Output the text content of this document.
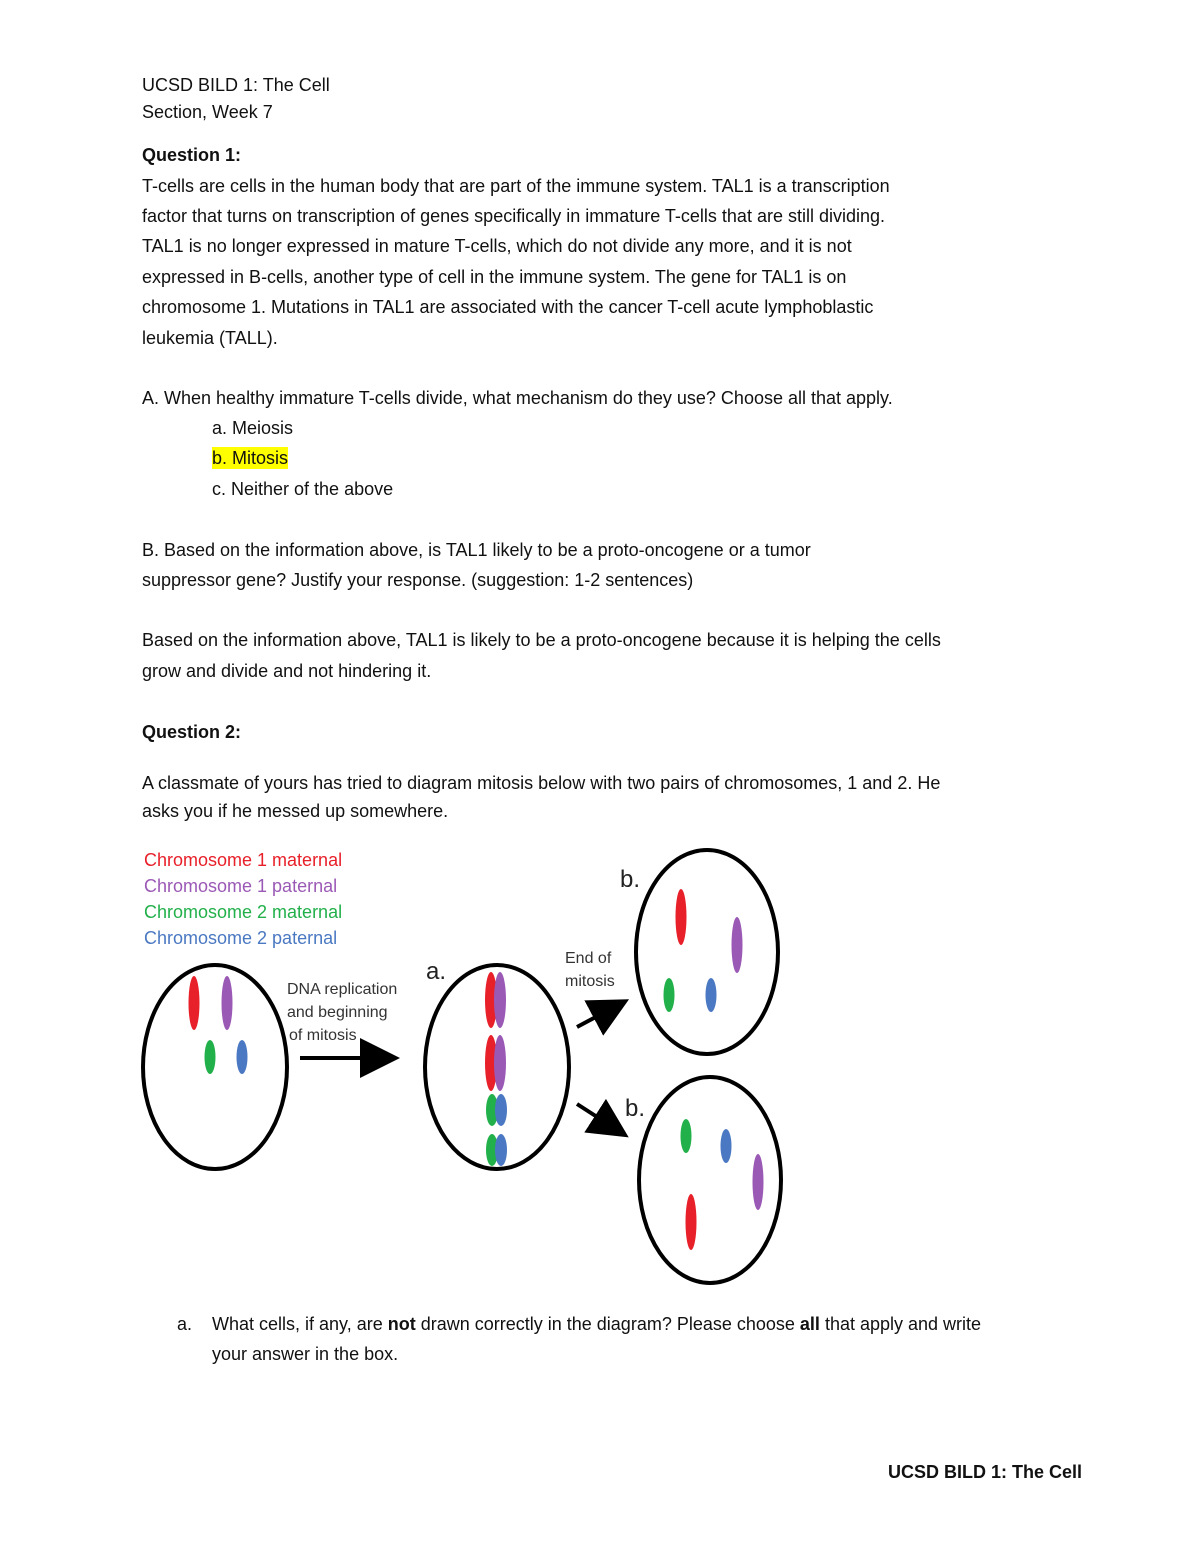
UCSD BILD 1: The Cell
Section, Week 7
Question 1:
T-cells are cells in the human body that are part of the immune system. TAL1 is a transcription
factor that turns on transcription of genes specifically in immature T-cells that are still dividing.
TAL1 is no longer expressed in mature T-cells, which do not divide any more, and it is not
expressed in B-cells, another type of cell in the immune system. The gene for TAL1 is on
chromosome 1. Mutations in TAL1 are associated with the cancer T-cell acute lymphoblastic
leukemia (TALL).
A. When healthy immature T-cells divide, what mechanism do they use? Choose all that apply.
a. Meiosis
b. Mitosis
c. Neither of the above
B. Based on the information above, is TAL1 likely to be a proto-oncogene or a tumor
suppressor gene? Justify your response. (suggestion: 1-2 sentences)
Based on the information above, TAL1 is likely to be a proto-oncogene because it is helping the cells
grow and divide and not hindering it.
Question 2:
A classmate of yours has tried to diagram mitosis below with two pairs of chromosomes, 1 and 2. He
asks you if he messed up somewhere.
Chromosome 1 maternal
Chromosome 1 paternal
Chromosome 2 maternal
Chromosome 2 paternal
DNA replication
and beginning
of mitosis
End of
mitosis
a.
b.
b.
a. What cells, if any, are not drawn correctly in the diagram? Please choose all that apply and write
your answer in the box.
UCSD BILD 1: The Cell
